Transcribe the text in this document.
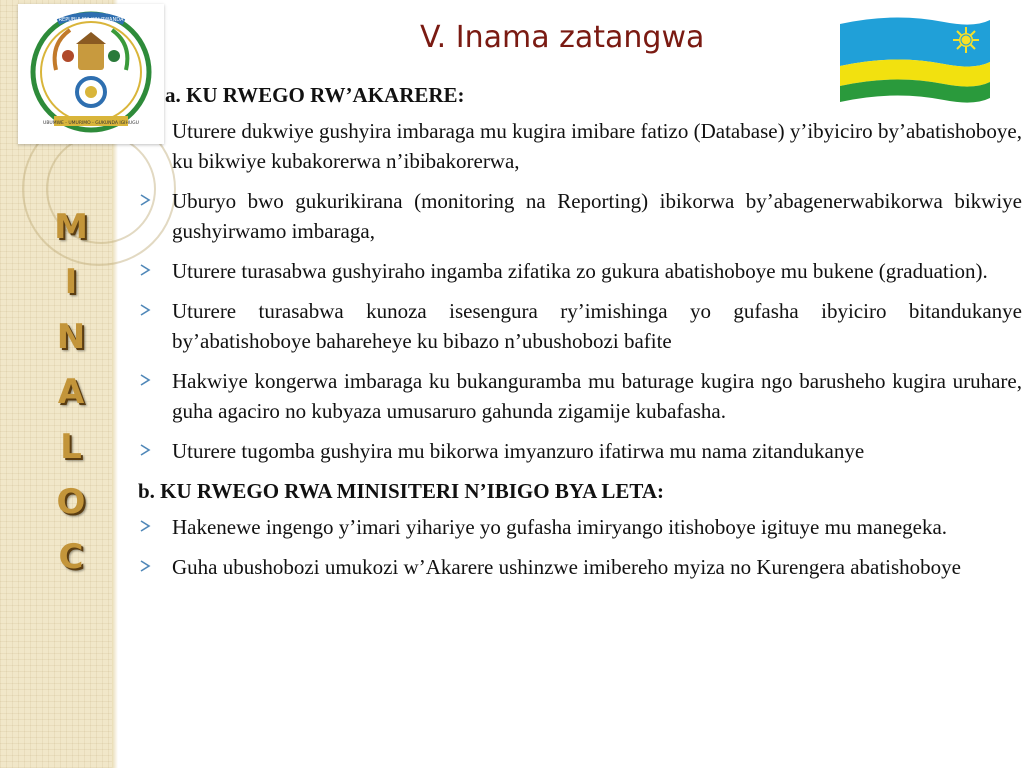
REPUBULIKA Y'U RWANDA
UBUMWE - UMURIMO - GUKUNDA IGIHUGU
M
I
N
A
L
O
C
V. Inama zatangwa

a. KU RWEGO RW’AKARERE:

Uturere dukwiye gushyira imbaraga mu kugira imibare fatizo (Database) y’ibyiciro by’abatishoboye, ku bikwiye kubakorerwa n’ibibakorerwa,
Uburyo bwo gukurikirana (monitoring na Reporting) ibikorwa by’abagenerwabikorwa bikwiye gushyirwamo imbaraga,
Uturere turasabwa gushyiraho ingamba zifatika zo gukura abatishoboye mu bukene (graduation).
Uturere turasabwa kunoza isesengura ry’imishinga yo gufasha ibyiciro bitandukanye by’abatishoboye bahareheye ku bibazo n’ubushobozi bafite
Hakwiye kongerwa imbaraga ku bukanguramba mu baturage kugira ngo barusheho kugira uruhare, guha agaciro no kubyaza umusaruro gahunda zigamije kubafasha.
Uturere tugomba gushyira mu bikorwa imyanzuro ifatirwa mu nama zitandukanye

b. KU RWEGO RWA MINISITERI N’IBIGO BYA LETA:

Hakenewe ingengo y’imari yihariye yo gufasha imiryango itishoboye igituye mu manegeka.
Guha ubushobozi umukozi w’Akarere ushinzwe imibereho myiza no Kurengera abatishoboye
